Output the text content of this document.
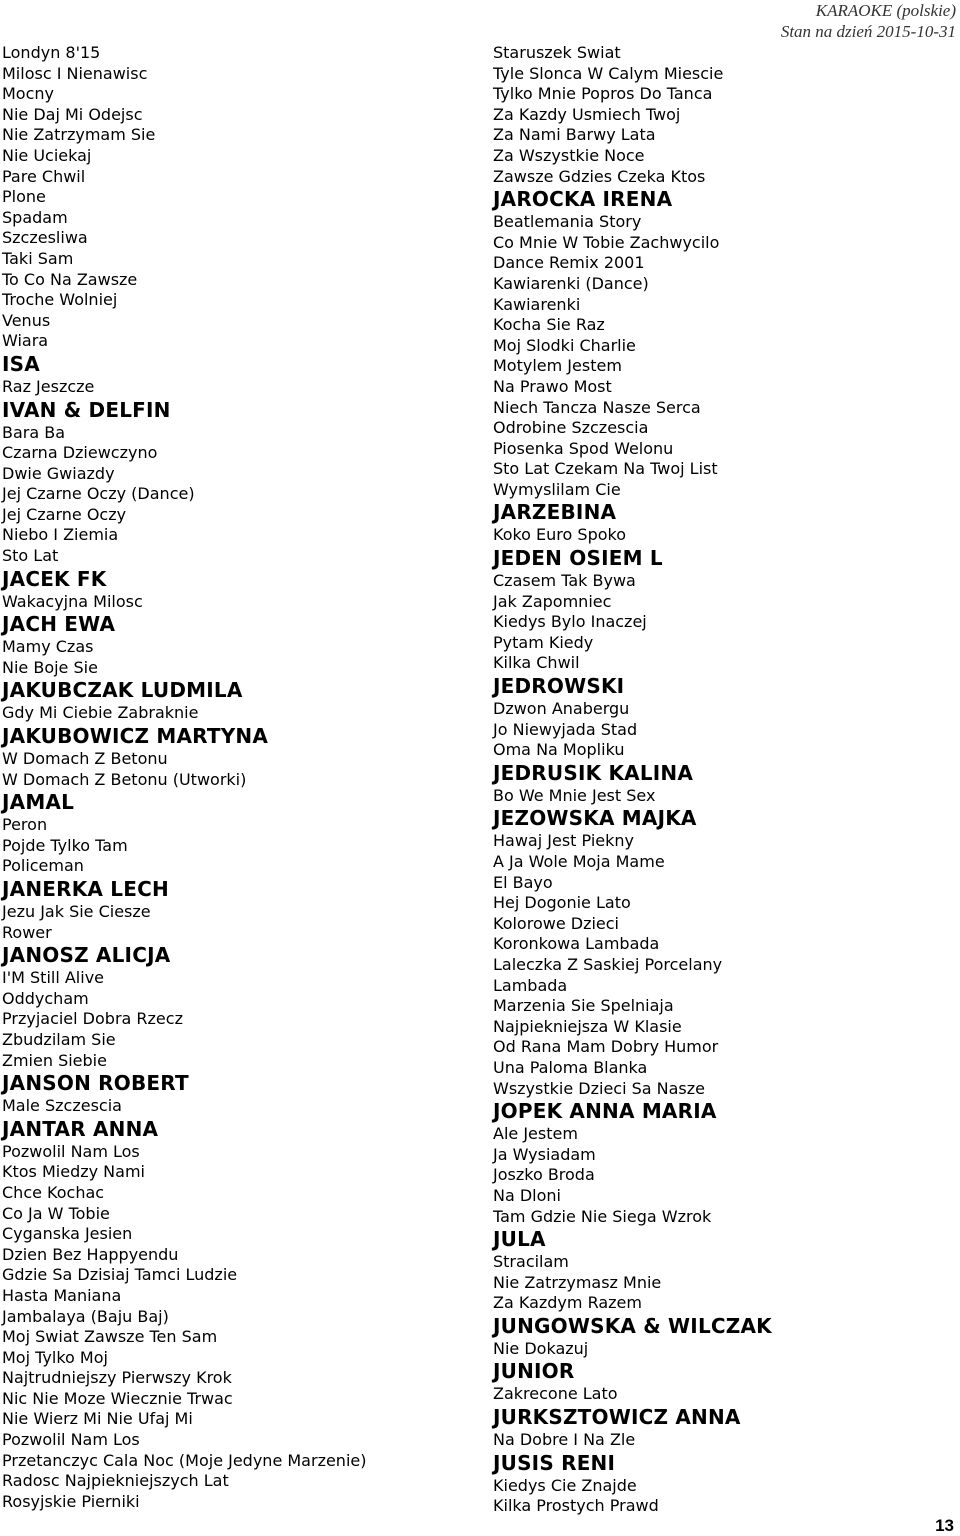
KARAOKE (polskie)
Stan na dzień 2015-10-31
Londyn 8'15
Milosc I Nienawisc
Mocny
Nie Daj Mi Odejsc
Nie Zatrzymam Sie
Nie Uciekaj
Pare Chwil
Plone
Spadam
Szczesliwa
Taki Sam
To Co Na Zawsze
Troche Wolniej
Venus
Wiara
ISA
Raz Jeszcze
IVAN & DELFIN
Bara Ba
Czarna Dziewczyno
Dwie Gwiazdy
Jej Czarne Oczy (Dance)
Jej Czarne Oczy
Niebo I Ziemia
Sto Lat
JACEK FK
Wakacyjna Milosc
JACH EWA
Mamy Czas
Nie Boje Sie
JAKUBCZAK LUDMILA
Gdy Mi Ciebie Zabraknie
JAKUBOWICZ MARTYNA
W Domach Z Betonu
W Domach Z Betonu (Utworki)
JAMAL
Peron
Pojde Tylko Tam
Policeman
JANERKA LECH
Jezu Jak Sie Ciesze
Rower
JANOSZ ALICJA
I'M Still Alive
Oddycham
Przyjaciel Dobra Rzecz
Zbudzilam Sie
Zmien Siebie
JANSON ROBERT
Male Szczescia
JANTAR ANNA
Pozwolil Nam Los
Ktos Miedzy Nami
Chce Kochac
Co Ja W Tobie
Cyganska Jesien
Dzien Bez Happyendu
Gdzie Sa Dzisiaj Tamci Ludzie
Hasta Maniana
Jambalaya (Baju Baj)
Moj Swiat Zawsze Ten Sam
Moj Tylko Moj
Najtrudniejszy Pierwszy Krok
Nic Nie Moze Wiecznie Trwac
Nie Wierz Mi Nie Ufaj Mi
Pozwolil Nam Los
Przetanczyc Cala Noc (Moje Jedyne Marzenie)
Radosc Najpiekniejszych Lat
Rosyjskie Pierniki
Staruszek Swiat
Tyle Slonca W Calym Miescie
Tylko Mnie Popros Do Tanca
Za Kazdy Usmiech Twoj
Za Nami Barwy Lata
Za Wszystkie Noce
Zawsze Gdzies Czeka Ktos
JAROCKA IRENA
Beatlemania Story
Co Mnie W Tobie Zachwycilo
Dance Remix 2001
Kawiarenki (Dance)
Kawiarenki
Kocha Sie Raz
Moj Slodki Charlie
Motylem Jestem
Na Prawo Most
Niech Tancza Nasze Serca
Odrobine Szczescia
Piosenka Spod Welonu
Sto Lat Czekam Na Twoj List
Wymyslilam Cie
JARZEBINA
Koko Euro Spoko
JEDEN OSIEM L
Czasem Tak Bywa
Jak Zapomniec
Kiedys Bylo Inaczej
Pytam Kiedy
Kilka Chwil
JEDROWSKI
Dzwon Anabergu
Jo Niewyjada Stad
Oma Na Mopliku
JEDRUSIK KALINA
Bo We Mnie Jest Sex
JEZOWSKA MAJKA
Hawaj Jest Piekny
A Ja Wole Moja Mame
El Bayo
Hej Dogonie Lato
Kolorowe Dzieci
Koronkowa Lambada
Laleczka Z Saskiej Porcelany
Lambada
Marzenia Sie Spelniaja
Najpiekniejsza W Klasie
Od Rana Mam Dobry Humor
Una Paloma Blanka
Wszystkie Dzieci Sa Nasze
JOPEK ANNA MARIA
Ale Jestem
Ja Wysiadam
Joszko Broda
Na Dloni
Tam Gdzie Nie Siega Wzrok
JULA
Stracilam
Nie Zatrzymasz Mnie
Za Kazdym Razem
JUNGOWSKA & WILCZAK
Nie Dokazuj
JUNIOR
Zakrecone Lato
JURKSZTOWICZ ANNA
Na Dobre I Na Zle
JUSIS RENI
Kiedys Cie Znajde
Kilka Prostych Prawd
13
